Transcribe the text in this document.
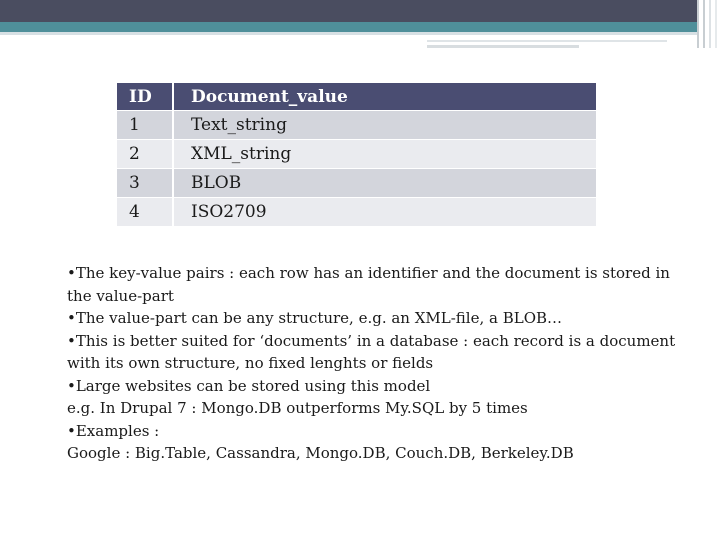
ID	Document_value
1	Text_string
2	XML_string
3	BLOB
4	ISO2709

•The key-value pairs : each row has an identifier and the document is stored in the value-part

•The value-part can be any structure, e.g. an XML-file, a BLOB…

•This is better suited for ‘documents’ in a database : each record is a document with its own structure, no fixed lenghts or fields

•Large websites can be stored using this model

e.g. In Drupal 7 : Mongo.DB outperforms My.SQL by 5 times

•Examples :

Google : Big.Table, Cassandra, Mongo.DB, Couch.DB, Berkeley.DB
